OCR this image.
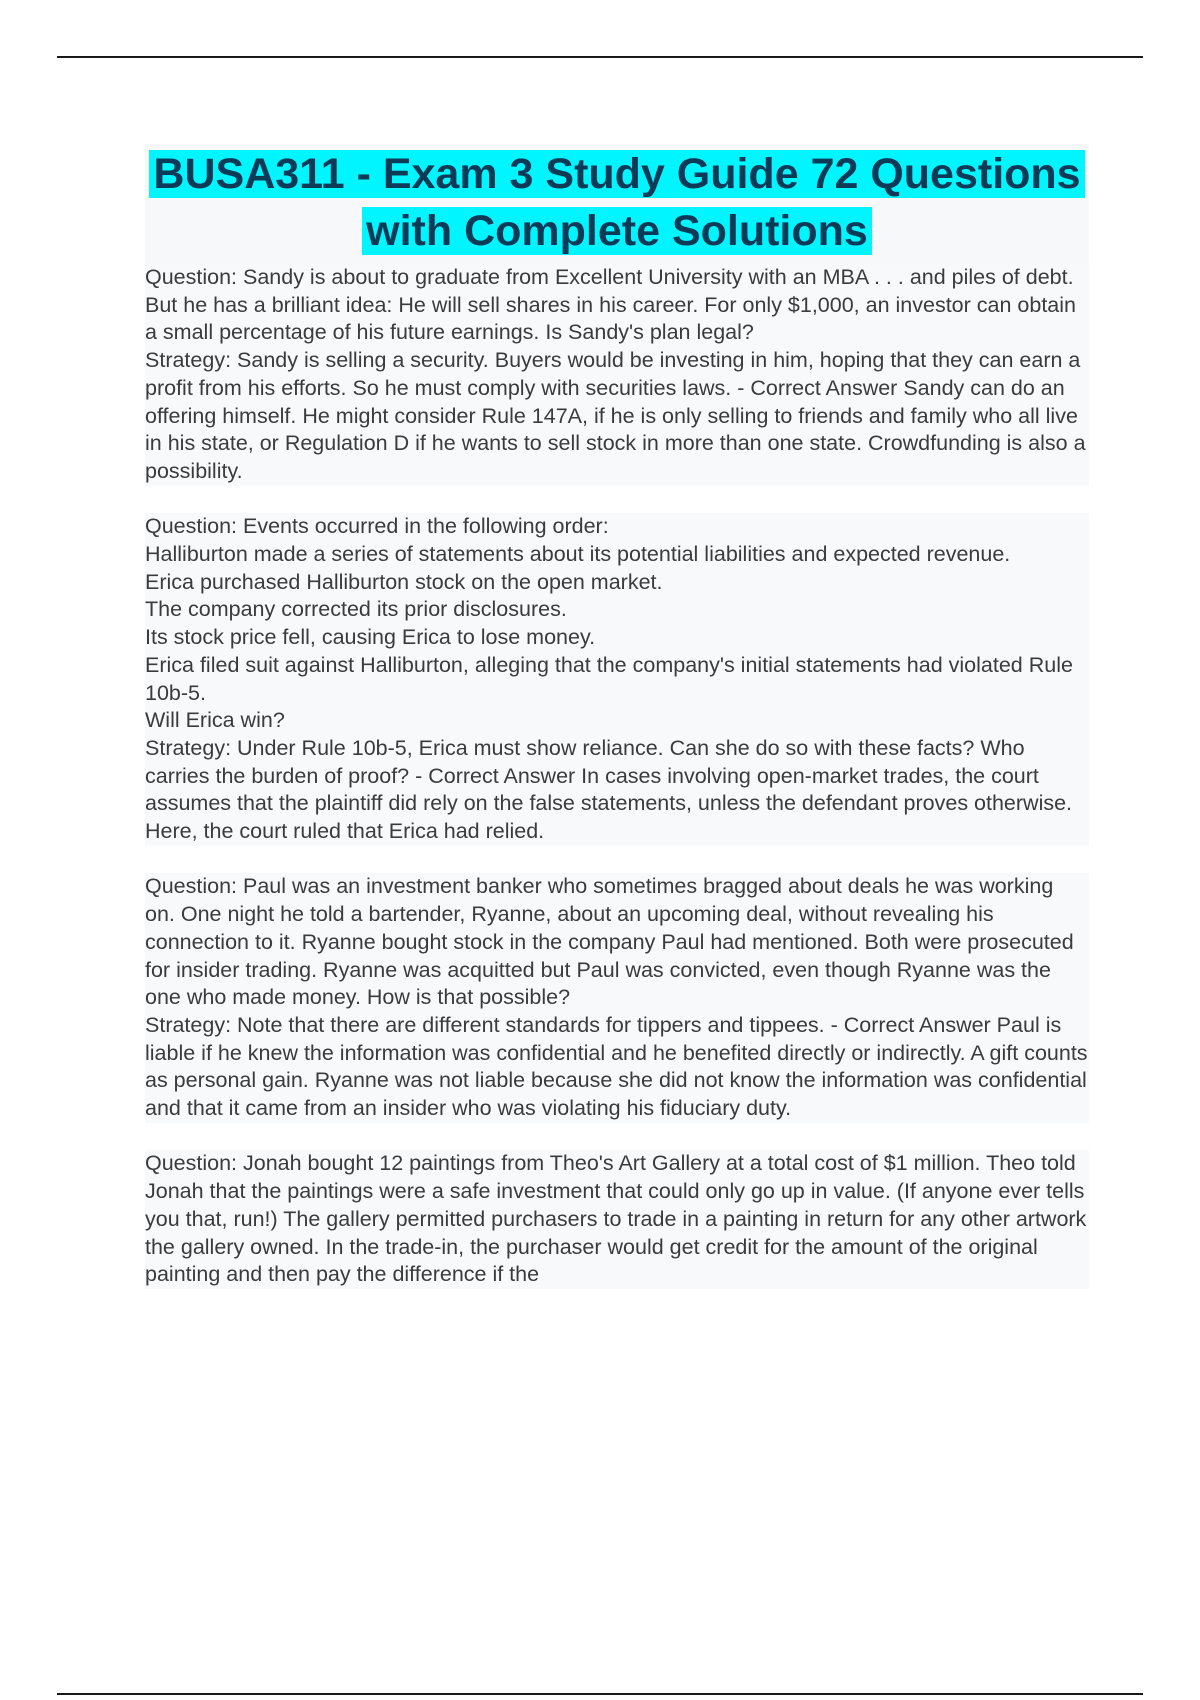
BUSA311 - Exam 3 Study Guide 72 Questions with Complete Solutions

Question: Sandy is about to graduate from Excellent University with an MBA . . . and piles of debt. But he has a brilliant idea: He will sell shares in his career. For only $1,000, an investor can obtain a small percentage of his future earnings. Is Sandy's plan legal?

Strategy: Sandy is selling a security. Buyers would be investing in him, hoping that they can earn a profit from his efforts. So he must comply with securities laws. - Correct Answer Sandy can do an offering himself. He might consider Rule 147A, if he is only selling to friends and family who all live in his state, or Regulation D if he wants to sell stock in more than one state. Crowdfunding is also a possibility.

Question: Events occurred in the following order:

Halliburton made a series of statements about its potential liabilities and expected revenue.

Erica purchased Halliburton stock on the open market.

The company corrected its prior disclosures.

Its stock price fell, causing Erica to lose money.

Erica filed suit against Halliburton, alleging that the company's initial statements had violated Rule 10b-5.

Will Erica win?

Strategy: Under Rule 10b-5, Erica must show reliance. Can she do so with these facts? Who carries the burden of proof? - Correct Answer In cases involving open-market trades, the court assumes that the plaintiff did rely on the false statements, unless the defendant proves otherwise. Here, the court ruled that Erica had relied.

Question: Paul was an investment banker who sometimes bragged about deals he was working on. One night he told a bartender, Ryanne, about an upcoming deal, without revealing his connection to it. Ryanne bought stock in the company Paul had mentioned. Both were prosecuted for insider trading. Ryanne was acquitted but Paul was convicted, even though Ryanne was the one who made money. How is that possible?

Strategy: Note that there are different standards for tippers and tippees. - Correct Answer Paul is liable if he knew the information was confidential and he benefited directly or indirectly. A gift counts as personal gain. Ryanne was not liable because she did not know the information was confidential and that it came from an insider who was violating his fiduciary duty.

Question: Jonah bought 12 paintings from Theo's Art Gallery at a total cost of $1 million. Theo told Jonah that the paintings were a safe investment that could only go up in value. (If anyone ever tells you that, run!) The gallery permitted purchasers to trade in a painting in return for any other artwork the gallery owned. In the trade-in, the purchaser would get credit for the amount of the original painting and then pay the difference if the
